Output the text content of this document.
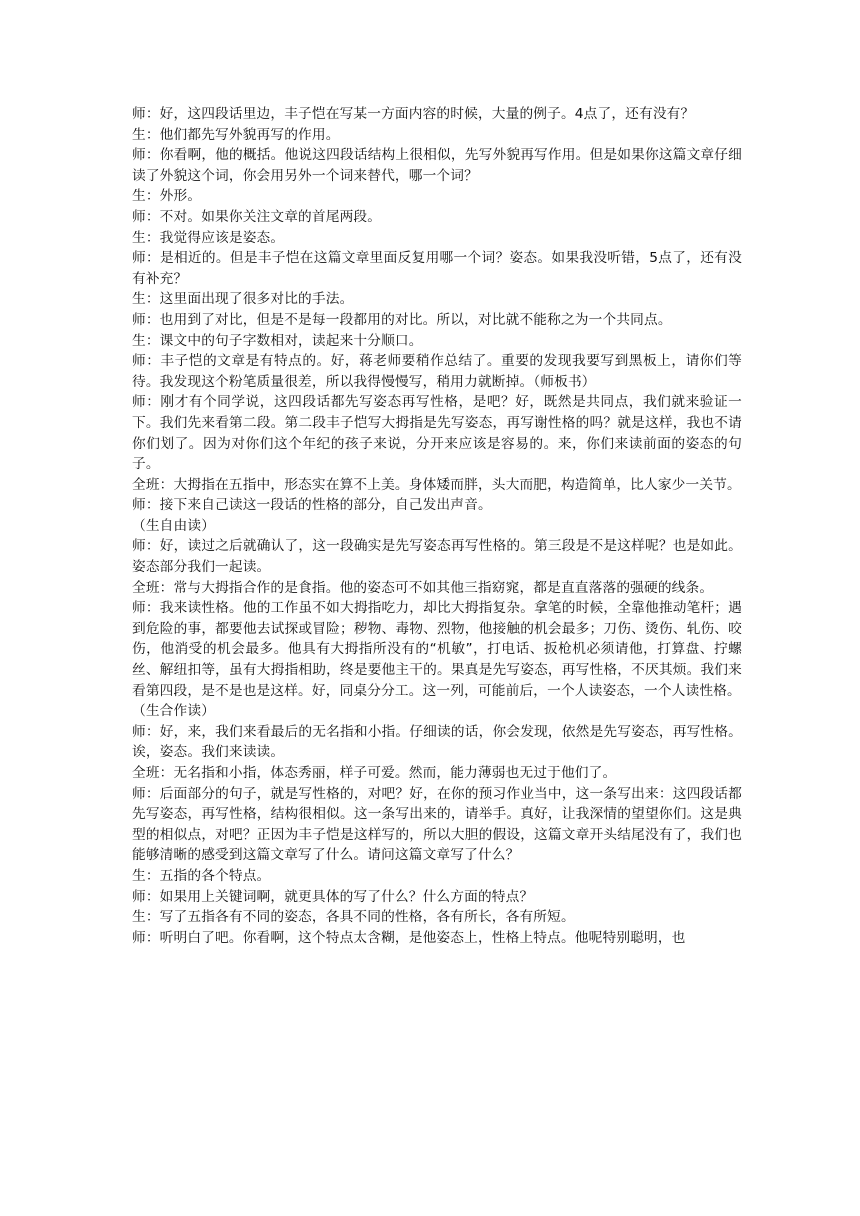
师：好，这四段话里边，丰子恺在写某一方面内容的时候，大量的例子。4点了，还有没有？

生：他们都先写外貌再写的作用。

师：你看啊，他的概括。他说这四段话结构上很相似，先写外貌再写作用。但是如果你这篇文章仔细读了外貌这个词，你会用另外一个词来替代，哪一个词？

生：外形。

师：不对。如果你关注文章的首尾两段。

生：我觉得应该是姿态。

师：是相近的。但是丰子恺在这篇文章里面反复用哪一个词？姿态。如果我没听错，5点了，还有没有补充？

生：这里面出现了很多对比的手法。

师：也用到了对比，但是不是每一段都用的对比。所以，对比就不能称之为一个共同点。

生：课文中的句子字数相对，读起来十分顺口。

师：丰子恺的文章是有特点的。好，蒋老师要稍作总结了。重要的发现我要写到黑板上，请你们等待。我发现这个粉笔质量很差，所以我得慢慢写，稍用力就断掉。（师板书）

师：刚才有个同学说，这四段话都先写姿态再写性格，是吧？好，既然是共同点，我们就来验证一下。我们先来看第二段。第二段丰子恺写大拇指是先写姿态，再写谢性格的吗？就是这样，我也不请你们划了。因为对你们这个年纪的孩子来说，分开来应该是容易的。来，你们来读前面的姿态的句子。

全班：大拇指在五指中，形态实在算不上美。身体矮而胖，头大而肥，构造简单，比人家少一关节。

师：接下来自己读这一段话的性格的部分，自己发出声音。

（生自由读）

师：好，读过之后就确认了，这一段确实是先写姿态再写性格的。第三段是不是这样呢？也是如此。姿态部分我们一起读。

全班：常与大拇指合作的是食指。他的姿态可不如其他三指窈窕，都是直直落落的强硬的线条。

师：我来读性格。他的工作虽不如大拇指吃力，却比大拇指复杂。拿笔的时候，全靠他推动笔杆；遇到危险的事，都要他去试探或冒险；秽物、毒物、烈物，他接触的机会最多；刀伤、烫伤、轧伤、咬伤，他消受的机会最多。他具有大拇指所没有的“机敏”，打电话、扳枪机必须请他，打算盘、拧螺丝、解纽扣等，虽有大拇指相助，终是要他主干的。果真是先写姿态，再写性格，不厌其烦。我们来看第四段，是不是也是这样。好，同桌分分工。这一列，可能前后，一个人读姿态，一个人读性格。

（生合作读）

师：好，来，我们来看最后的无名指和小指。仔细读的话，你会发现，依然是先写姿态，再写性格。诶，姿态。我们来读读。

全班：无名指和小指，体态秀丽，样子可爱。然而，能力薄弱也无过于他们了。

师：后面部分的句子，就是写性格的，对吧？好，在你的预习作业当中，这一条写出来：这四段话都先写姿态，再写性格，结构很相似。这一条写出来的，请举手。真好，让我深情的望望你们。这是典型的相似点，对吧？正因为丰子恺是这样写的，所以大胆的假设，这篇文章开头结尾没有了，我们也能够清晰的感受到这篇文章写了什么。请问这篇文章写了什么？

生：五指的各个特点。

师：如果用上关键词啊，就更具体的写了什么？什么方面的特点？

生：写了五指各有不同的姿态，各具不同的性格，各有所长，各有所短。

师：听明白了吧。你看啊，这个特点太含糊，是他姿态上，性格上特点。他呢特别聪明，也
